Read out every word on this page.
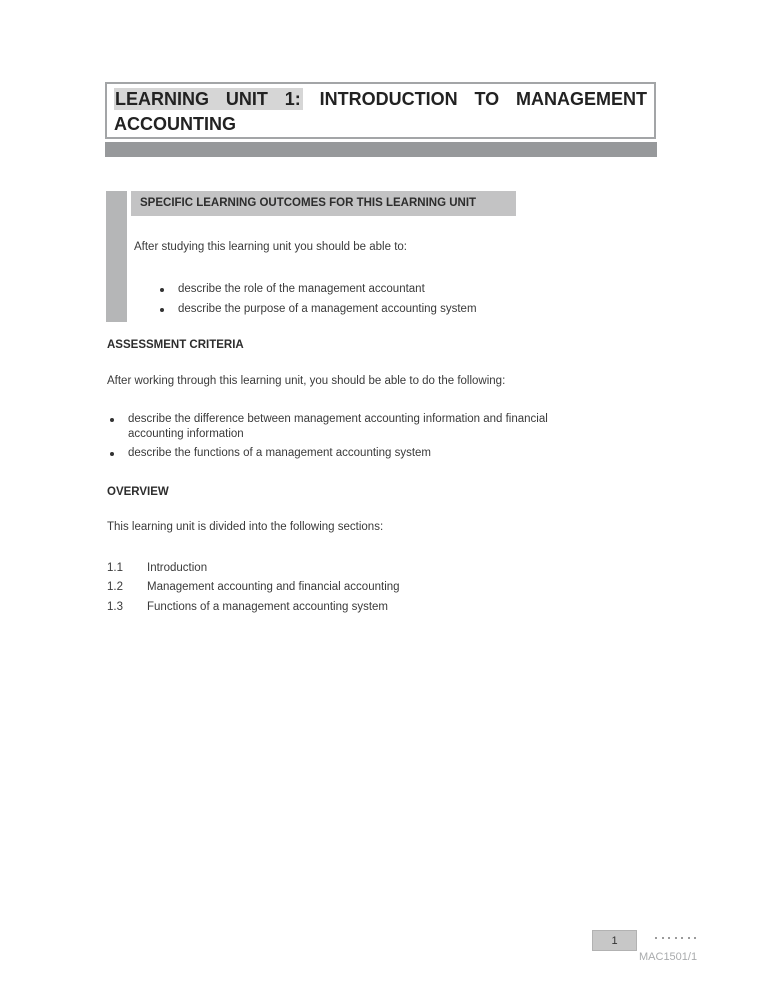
LEARNING UNIT 1: INTRODUCTION TO MANAGEMENT
ACCOUNTING
SPECIFIC LEARNING OUTCOMES FOR THIS LEARNING UNIT
After studying this learning unit you should be able to:
describe the role of the management accountant
describe the purpose of a management accounting system
ASSESSMENT CRITERIA
After working through this learning unit, you should be able to do the following:
describe the difference between management accounting information and financial accounting information
describe the functions of a management accounting system
OVERVIEW
This learning unit is divided into the following sections:
1.1	Introduction
1.2	Management accounting and financial accounting
1.3	Functions of a management accounting system
1
MAC1501/1
